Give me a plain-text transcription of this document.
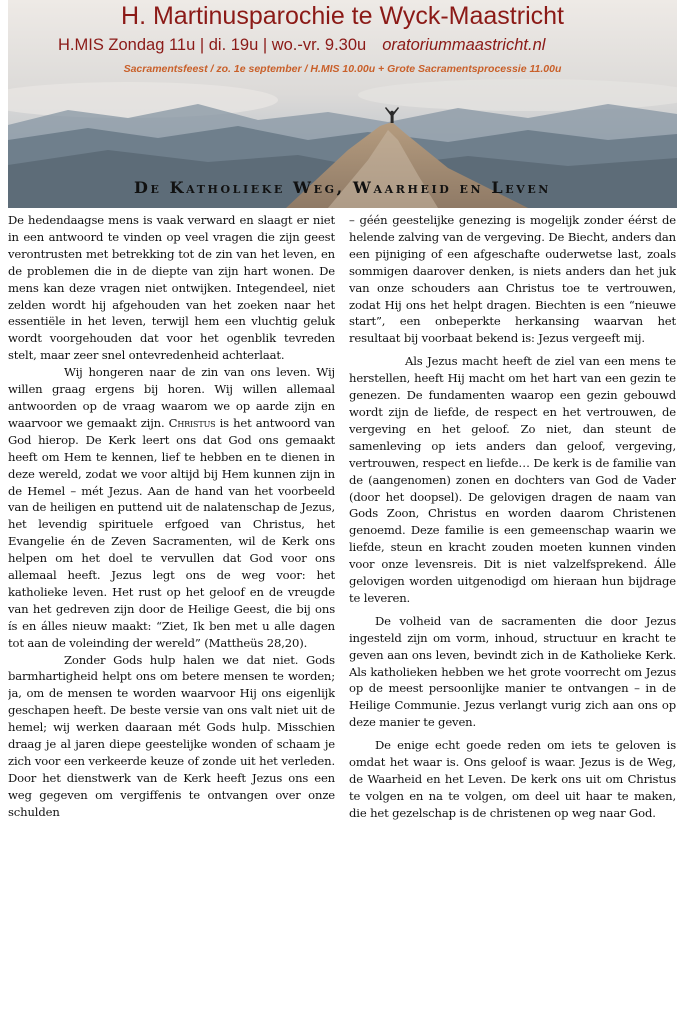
H. Martinusparochie te Wyck-Maastricht
H.MIS Zondag 11u | di. 19u | wo.-vr. 9.30u oratoriummaastricht.nl
Sacramentsfeest / zo. 1e september / H.MIS 10.00u + Grote Sacramentsprocessie 11.00u
De Katholieke Weg, Waarheid en Leven

De hedendaagse mens is vaak verward en slaagt er niet in een antwoord te vinden op veel vragen die zijn geest verontrusten met betrekking tot de zin van het leven, en de problemen die in de diepte van zijn hart wonen. De mens kan deze vragen niet ontwijken. Integendeel, niet zelden wordt hij afgehouden van het zoeken naar het essentiële in het leven, terwijl hem een vluchtig geluk wordt voorgehouden dat voor het ogenblik tevreden stelt, maar zeer snel ontevredenheid achterlaat.

Wij hongeren naar de zin van ons leven. Wij willen graag ergens bij horen. Wij willen allemaal antwoorden op de vraag waarom we op aarde zijn en waarvoor we gemaakt zijn. Christus is het antwoord van God hierop. De Kerk leert ons dat God ons gemaakt heeft om Hem te kennen, lief te hebben en te dienen in deze wereld, zodat we voor altijd bij Hem kunnen zijn in de Hemel – mét Jezus. Aan de hand van het voorbeeld van de heiligen en puttend uit de nalatenschap de Jezus, het levendig spirituele erfgoed van Christus, het Evangelie én de Zeven Sacramenten, wil de Kerk ons helpen om het doel te vervullen dat God voor ons allemaal heeft. Jezus legt ons de weg voor: het katholieke leven. Het rust op het geloof en de vreugde van het gedreven zijn door de Heilige Geest, die bij ons ís en álles nieuw maakt: “Ziet, Ik ben met u alle dagen tot aan de voleinding der wereld” (Mattheüs 28,20).

Zonder Gods hulp halen we dat niet. Gods barmhartigheid helpt ons om betere mensen te worden; ja, om de mensen te worden waarvoor Hij ons eigenlijk geschapen heeft. De beste versie van ons valt niet uit de hemel; wij werken daaraan mét Gods hulp. Misschien draag je al jaren diepe geestelijke wonden of schaam je zich voor een verkeerde keuze of zonde uit het verleden. Door het dienstwerk van de Kerk heeft Jezus ons een weg gegeven om vergiffenis te ontvangen over onze schulden

– géén geestelijke genezing is mogelijk zonder éérst de helende zalving van de vergeving. De Biecht, anders dan een pijniging of een afgeschafte ouderwetse last, zoals sommigen daarover denken, is niets anders dan het juk van onze schouders aan Christus toe te vertrouwen, zodat Hij ons het helpt dragen. Biechten is een “nieuwe start”, een onbeperkte herkansing waarvan het resultaat bij voorbaat bekend is: Jezus vergeeft mij.

Als Jezus macht heeft de ziel van een mens te herstellen, heeft Hij macht om het hart van een gezin te genezen. De fundamenten waarop een gezin gebouwd wordt zijn de liefde, de respect en het vertrouwen, de vergeving en het geloof. Zo niet, dan steunt de samenleving op iets anders dan geloof, vergeving, vertrouwen, respect en liefde… De kerk is de familie van de (aangenomen) zonen en dochters van God de Vader (door het doopsel). De gelovigen dragen de naam van Gods Zoon, Christus en worden daarom Christenen genoemd. Deze familie is een gemeenschap waarin we liefde, steun en kracht zouden moeten kunnen vinden voor onze levensreis. Dit is niet valzelfsprekend. Álle gelovigen worden uitgenodigd om hieraan hun bijdrage te leveren.

De volheid van de sacramenten die door Jezus ingesteld zijn om vorm, inhoud, structuur en kracht te geven aan ons leven, bevindt zich in de Katholieke Kerk. Als katholieken hebben we het grote voorrecht om Jezus op de meest persoonlijke manier te ontvangen – in de Heilige Communie. Jezus verlangt vurig zich aan ons op deze manier te geven.

De enige echt goede reden om iets te geloven is omdat het waar is. Ons geloof is waar. Jezus is de Weg, de Waarheid en het Leven. De kerk ons uit om Christus te volgen en na te volgen, om deel uit haar te maken, die het gezelschap is de christenen op weg naar God.
